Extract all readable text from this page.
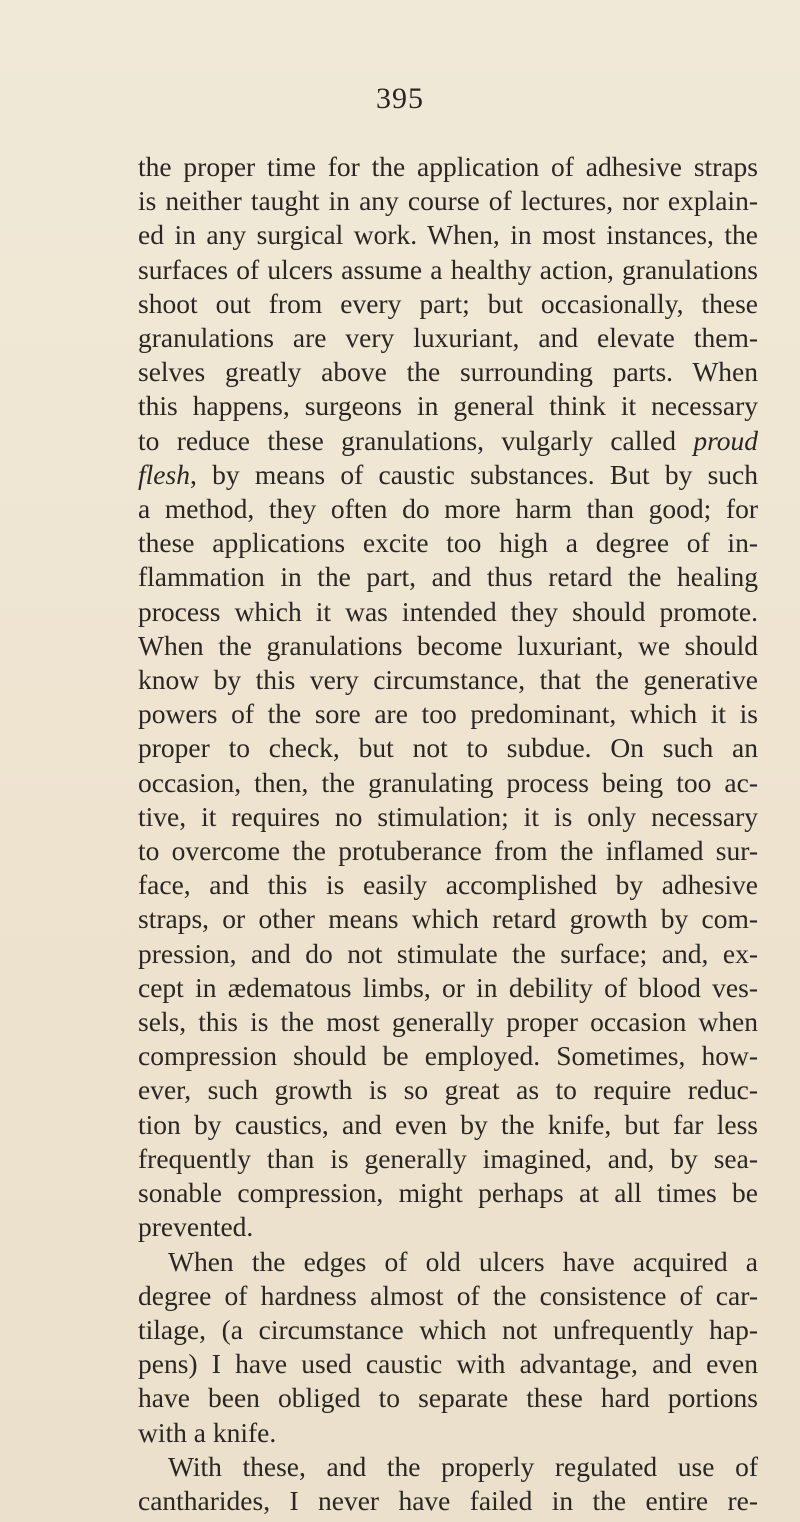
395
the proper time for the application of adhesive straps
is neither taught in any course of lectures, nor explain-
ed in any surgical work. When, in most instances, the
surfaces of ulcers assume a healthy action, granulations
shoot out from every part; but occasionally, these
granulations are very luxuriant, and elevate them-
selves greatly above the surrounding parts. When
this happens, surgeons in general think it necessary
to reduce these granulations, vulgarly called proud
flesh, by means of caustic substances. But by such
a method, they often do more harm than good; for
these applications excite too high a degree of in-
flammation in the part, and thus retard the healing
process which it was intended they should promote.
When the granulations become luxuriant, we should
know by this very circumstance, that the generative
powers of the sore are too predominant, which it is
proper to check, but not to subdue. On such an
occasion, then, the granulating process being too ac-
tive, it requires no stimulation; it is only necessary
to overcome the protuberance from the inflamed sur-
face, and this is easily accomplished by adhesive
straps, or other means which retard growth by com-
pression, and do not stimulate the surface; and, ex-
cept in ædematous limbs, or in debility of blood ves-
sels, this is the most generally proper occasion when
compression should be employed. Sometimes, how-
ever, such growth is so great as to require reduc-
tion by caustics, and even by the knife, but far less
frequently than is generally imagined, and, by sea-
sonable compression, might perhaps at all times be
prevented.
When the edges of old ulcers have acquired a
degree of hardness almost of the consistence of car-
tilage, (a circumstance which not unfrequently hap-
pens) I have used caustic with advantage, and even
have been obliged to separate these hard portions
with a knife.
With these, and the properly regulated use of
cantharides, I never have failed in the entire re-
